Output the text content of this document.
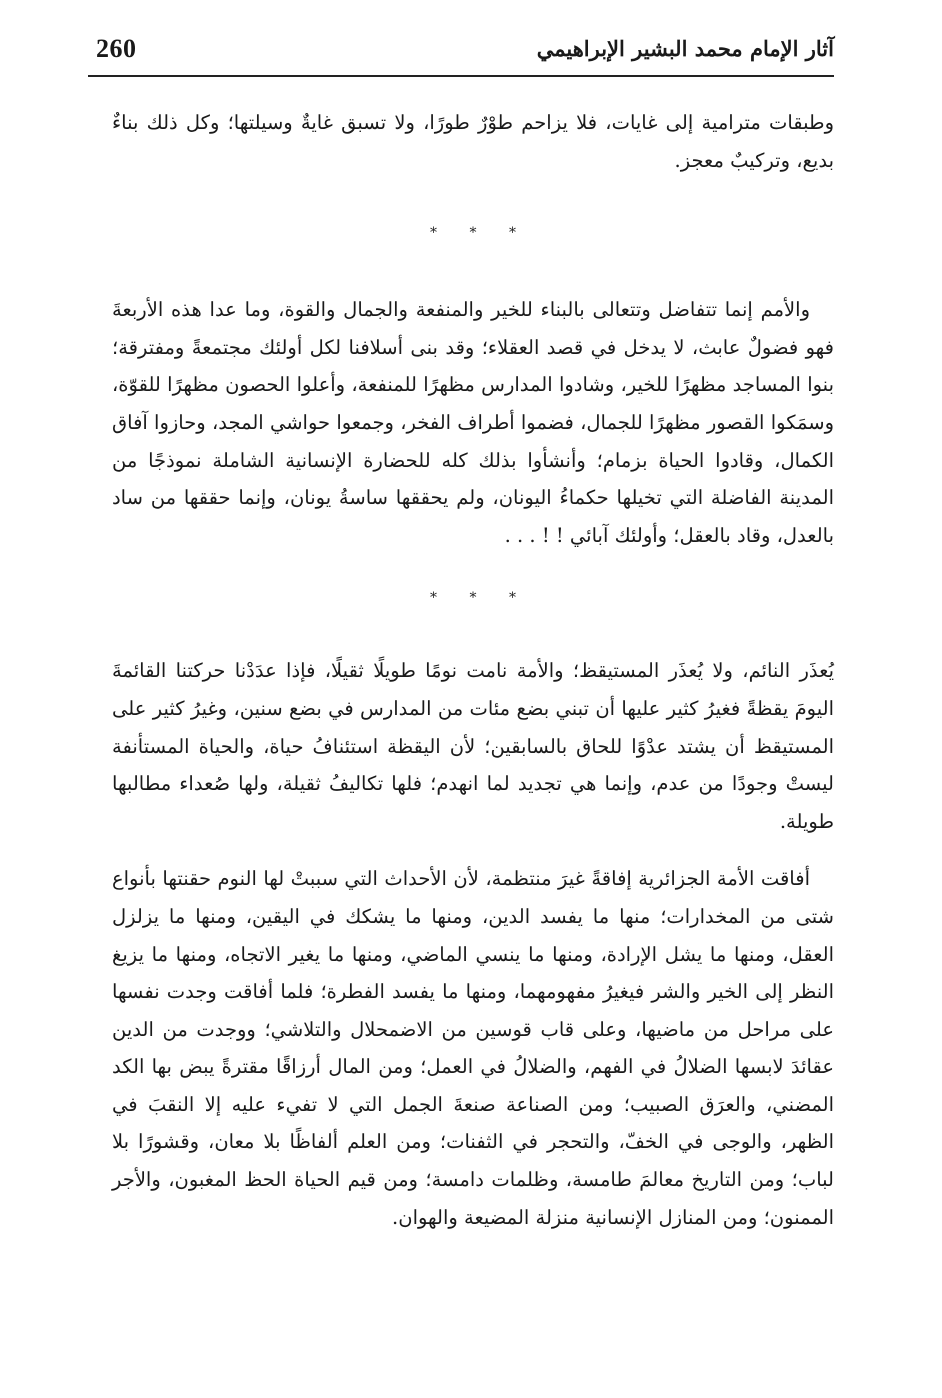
260	آثار الإمام محمد البشير الإبراهيمي

وطبقات مترامية إلى غايات، فلا يزاحم طوْرٌ طورًا، ولا تسبق غايةٌ وسيلتها؛ وكل ذلك بناءٌ بديع، وتركيبٌ معجز.

* * *

والأمم إنما تتفاضل وتتعالى بالبناء للخير والمنفعة والجمال والقوة، وما عدا هذه الأربعةَ فهو فضولٌ عابث، لا يدخل في قصد العقلاء؛ وقد بنى أسلافنا لكل أولئك مجتمعةً ومفترقة؛ بنوا المساجد مظهرًا للخير، وشادوا المدارس مظهرًا للمنفعة، وأعلوا الحصون مظهرًا للقوّة، وسمَكوا القصور مظهرًا للجمال، فضموا أطراف الفخر، وجمعوا حواشي المجد، وحازوا آفاق الكمال، وقادوا الحياة بزمام؛ وأنشأوا بذلك كله للحضارة الإنسانية الشاملة نموذجًا من المدينة الفاضلة التي تخيلها حكماءُ اليونان، ولم يحققها ساسةُ يونان، وإنما حققها من ساد بالعدل، وقاد بالعقل؛ وأولئك آبائي ! ! . . .

* * *

يُعذَر النائم، ولا يُعذَر المستيقظ؛ والأمة نامت نومًا طويلًا ثقيلًا، فإذا عدَدْنا حركتنا القائمةَ اليومَ يقظةً فغيرُ كثير عليها أن تبني بضع مئات من المدارس في بضع سنين، وغيرُ كثير على المستيقظ أن يشتد عدْوًا للحاق بالسابقين؛ لأن اليقظة استئنافُ حياة، والحياة المستأنفة ليستْ وجودًا من عدم، وإنما هي تجديد لما انهدم؛ فلها تكاليفُ ثقيلة، ولها صُعداء مطالبها طويلة.

أفاقت الأمة الجزائرية إفاقةً غيرَ منتظمة، لأن الأحداث التي سببتْ لها النوم حقنتها بأنواع شتى من المخدارات؛ منها ما يفسد الدين، ومنها ما يشكك في اليقين، ومنها ما يزلزل العقل، ومنها ما يشل الإرادة، ومنها ما ينسي الماضي، ومنها ما يغير الاتجاه، ومنها ما يزيغ النظر إلى الخير والشر فيغيرُ مفهومهما، ومنها ما يفسد الفطرة؛ فلما أفاقت وجدت نفسها على مراحل من ماضيها، وعلى قاب قوسين من الاضمحلال والتلاشي؛ ووجدت من الدين عقائدَ لابسها الضلالُ في الفهم، والضلالُ في العمل؛ ومن المال أرزاقًا مقترةً يبض بها الكد المضني، والعرَق الصبيب؛ ومن الصناعة صنعةَ الجمل التي لا تفيء عليه إلا النقبَ في الظهر، والوجى في الخفّ، والتحجر في الثفنات؛ ومن العلم ألفاظًا بلا معان، وقشورًا بلا لباب؛ ومن التاريخ معالمَ طامسة، وظلمات دامسة؛ ومن قيم الحياة الحظ المغبون، والأجر الممنون؛ ومن المنازل الإنسانية منزلة المضيعة والهوان.
